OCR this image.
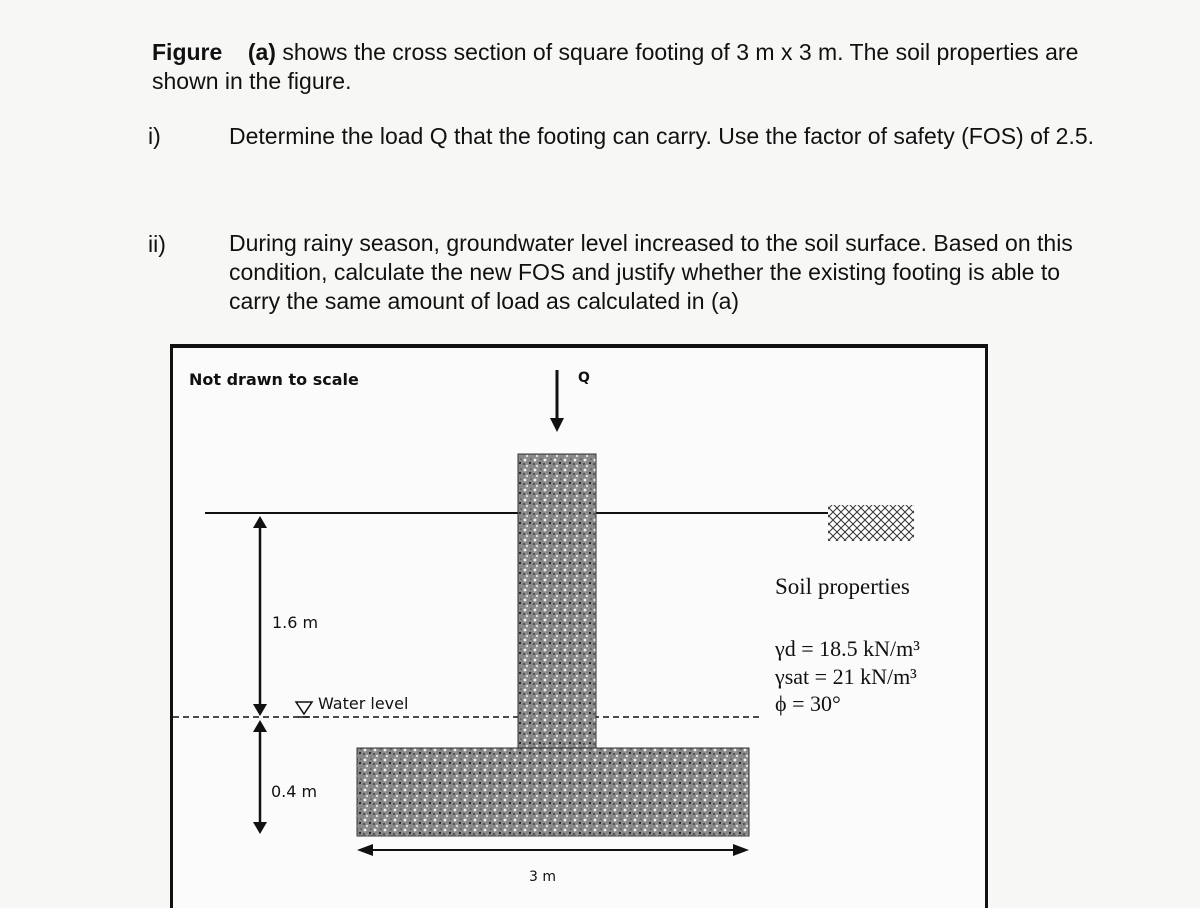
Figure (a) shows the cross section of square footing of 3 m x 3 m. The soil properties are shown in the figure.

i)	Determine the load Q that the footing can carry. Use the factor of safety (FOS) of 2.5.

ii)	During rainy season, groundwater level increased to the soil surface. Based on this condition, calculate the new FOS and justify whether the existing footing is able to carry the same amount of load as calculated in (a)

Not drawn to scale	Q
1.6 m
0.4 m
Water level
3 m
Soil properties
γd = 18.5 kN/m³
γsat = 21 kN/m³
ϕ = 30°
